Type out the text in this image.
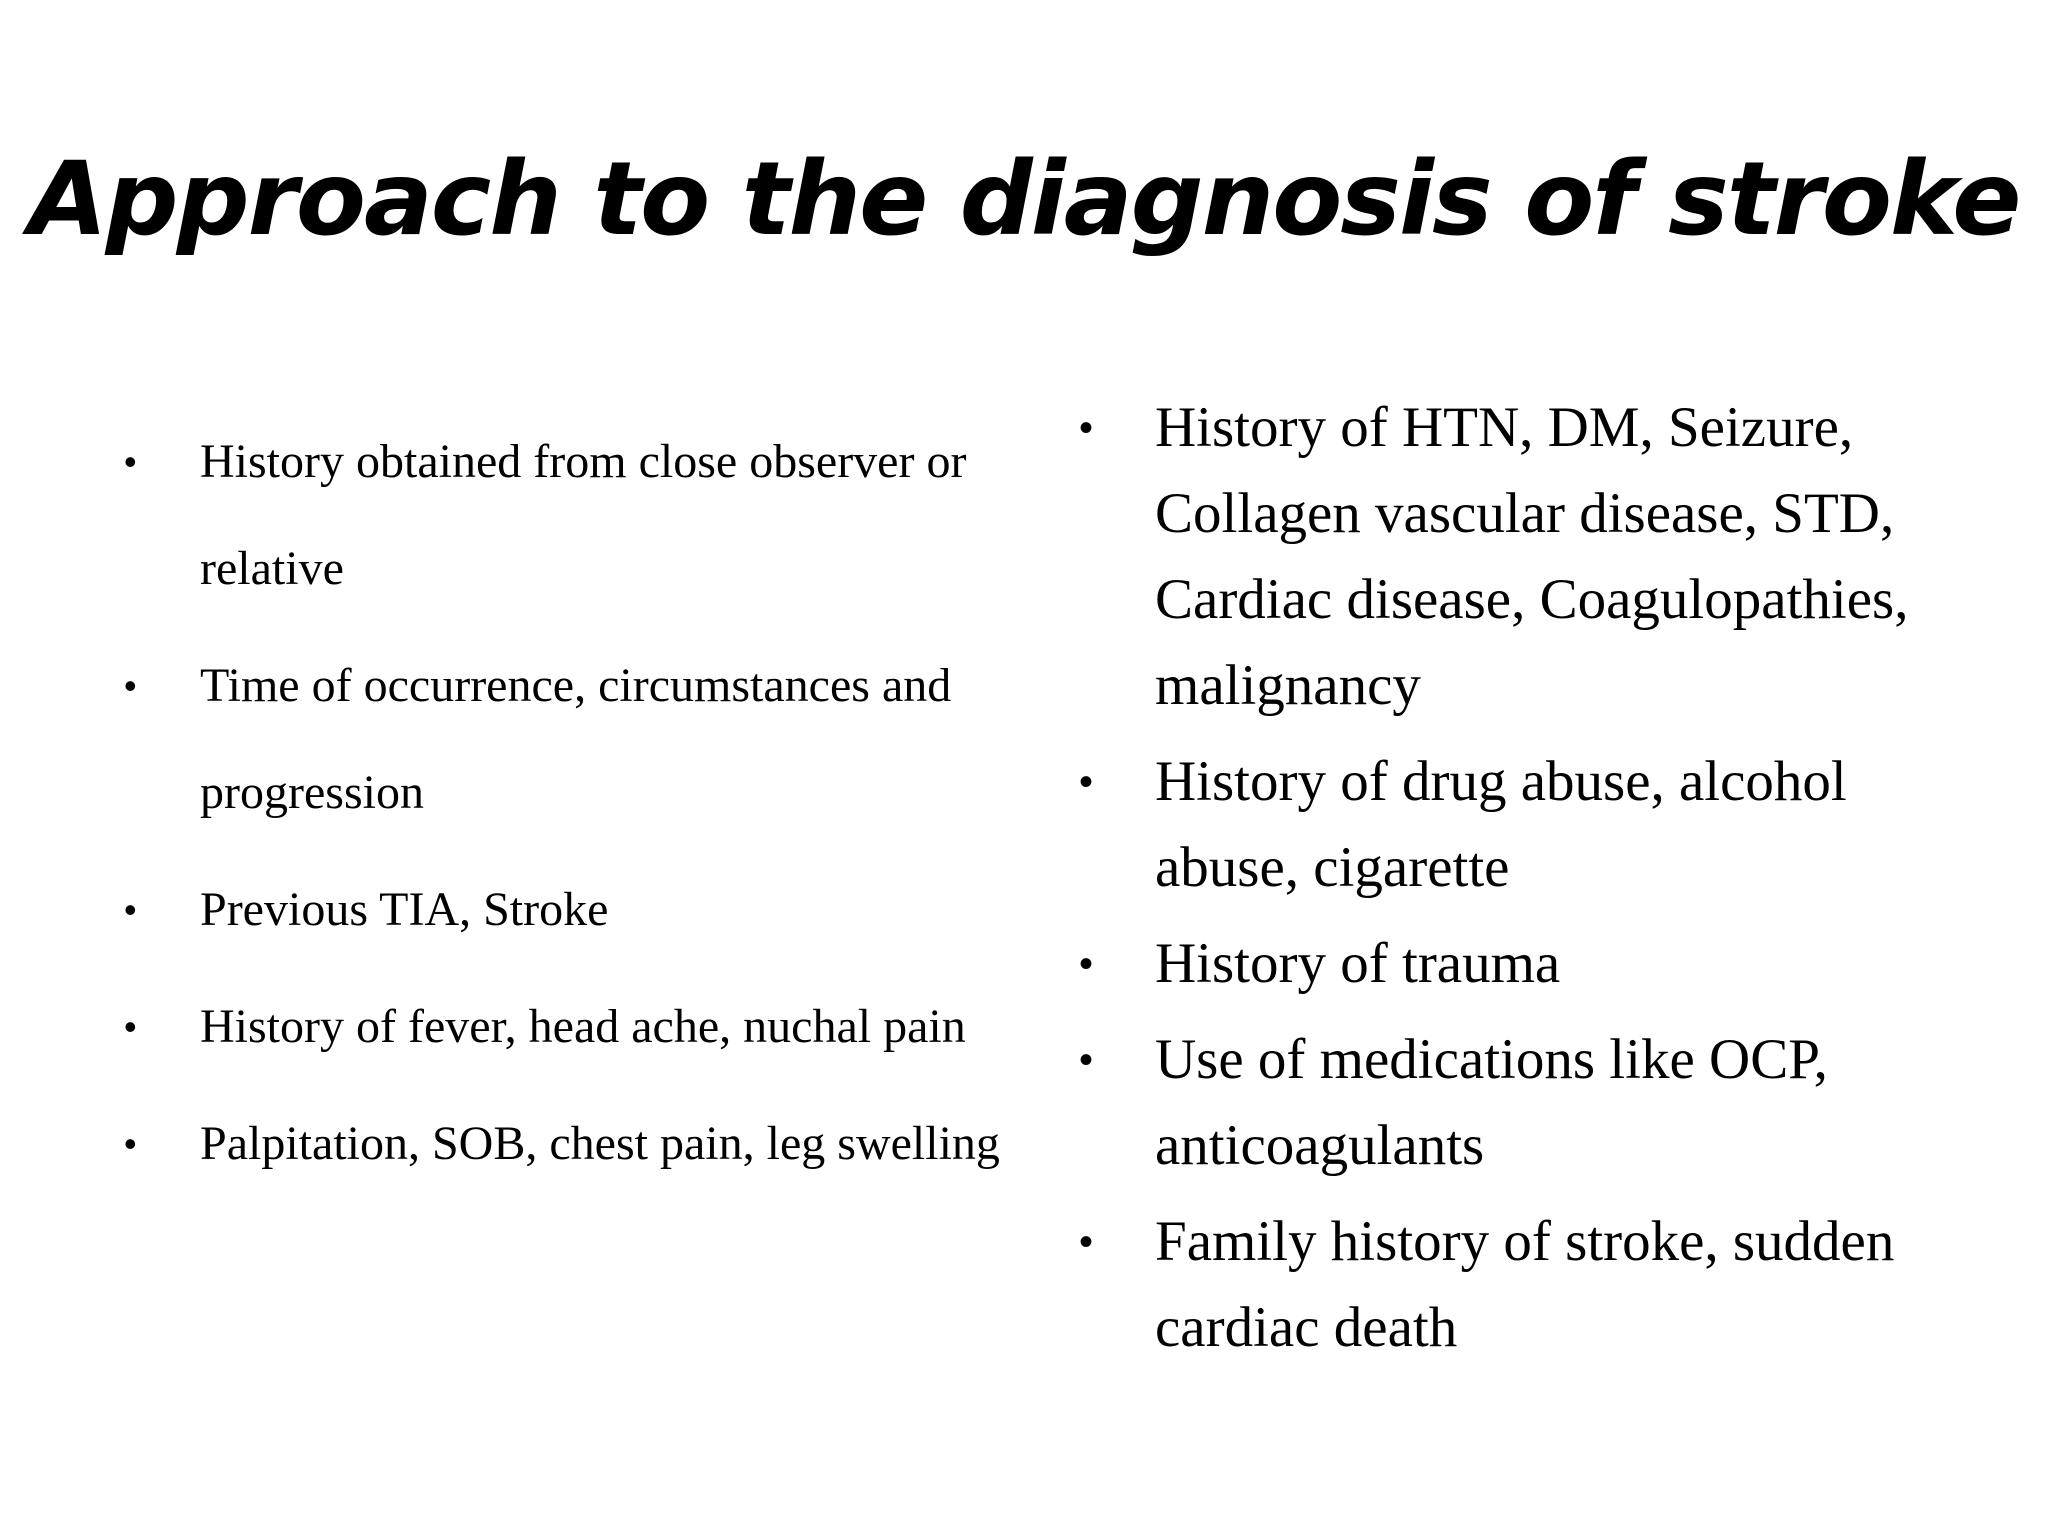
Approach to the diagnosis of stroke
• History obtained from close observer or relative
• Time of occurrence, circumstances and progression
• Previous TIA, Stroke
• History of fever, head ache, nuchal pain
• Palpitation, SOB, chest pain, leg swelling
• History of HTN, DM, Seizure, Collagen vascular disease, STD, Cardiac disease, Coagulopathies, malignancy
• History of drug abuse, alcohol abuse, cigarette
• History of trauma
• Use of medications like OCP, anticoagulants
• Family history of stroke, sudden cardiac death
